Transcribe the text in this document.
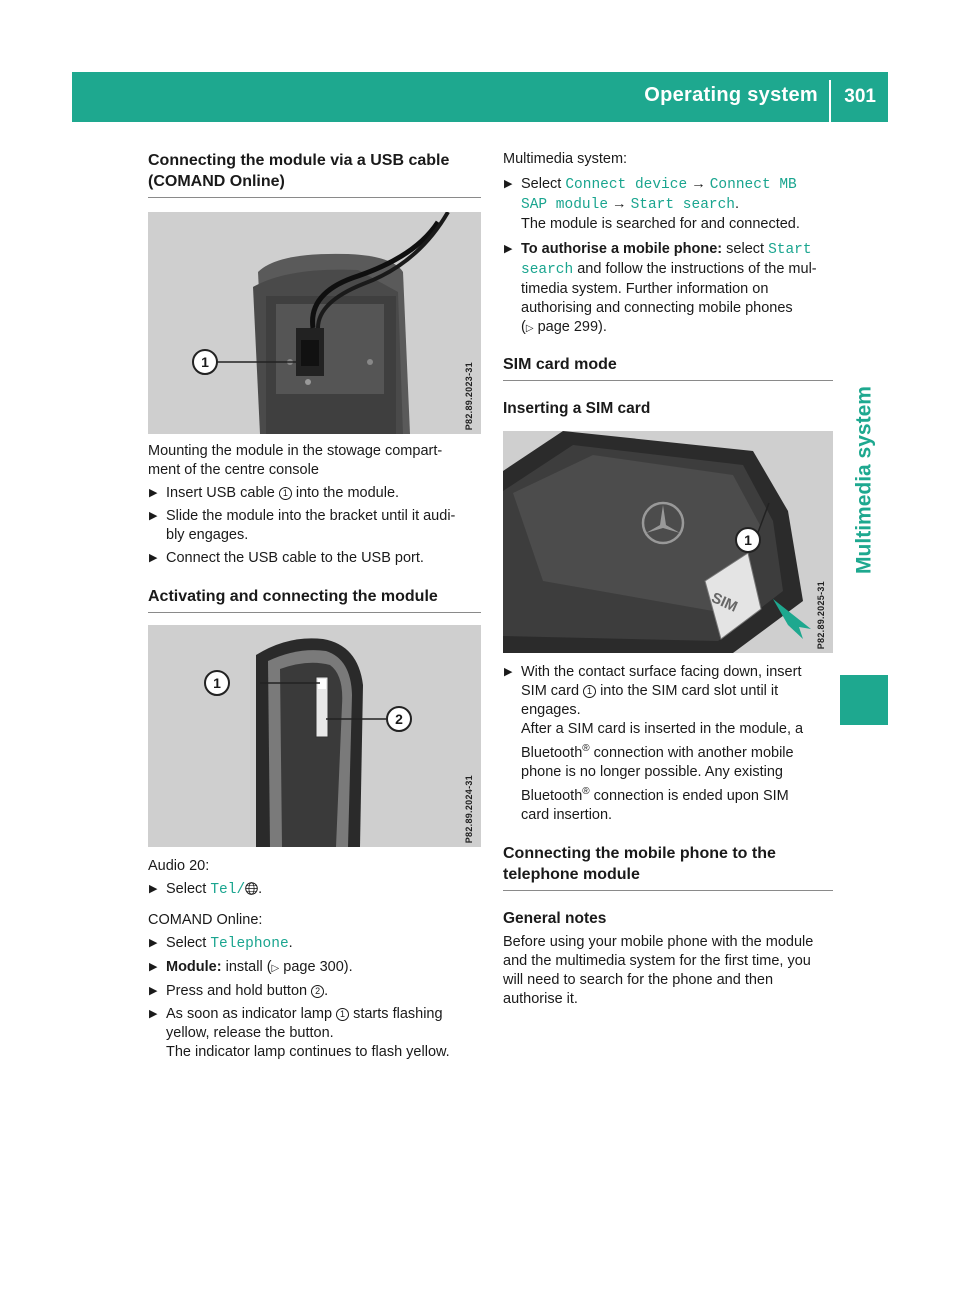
Operating system 301
Multimedia system
Connecting the module via a USB cable
(COMAND Online)
1	P82.89.2023-31

Mounting the module in the stowage compart-

ment of the centre console

▶ Insert USB cable 1 into the module.
▶ Slide the module into the bracket until it audi-

bly engages.

▶ Connect the USB cable to the USB port.
Activating and connecting the module
1
2
P82.89.2024-31

Audio 20:

▶ Select Tel/ .

COMAND Online:

▶ Select Telephone.
▶ Module: install (▷ page 300).
▶ Press and hold button 2 .
▶ As soon as indicator lamp 1 starts flashing

yellow, release the button.

The indicator lamp continues to flash yellow.

Multimedia system:

▶ Select Connect device → Connect MB

SAP module → Start search.

The module is searched for and connected.

▶ To authorise a mobile phone: select Start

search and follow the instructions of the mul-

timedia system. Further information on

authorising and connecting mobile phones

(▷ page 299).

SIM card mode
Inserting a SIM card
1
SIM	P82.89.2025-31
▶ With the contact surface facing down, insert

SIM card 1 into the SIM card slot until it

engages.

After a SIM card is inserted in the module, a

Bluetooth® connection with another mobile

phone is no longer possible. Any existing

Bluetooth® connection is ended upon SIM

card insertion.

Connecting the mobile phone to the
telephone module
General notes

Before using your mobile phone with the module

and the multimedia system for the first time, you

will need to search for the phone and then

authorise it.
